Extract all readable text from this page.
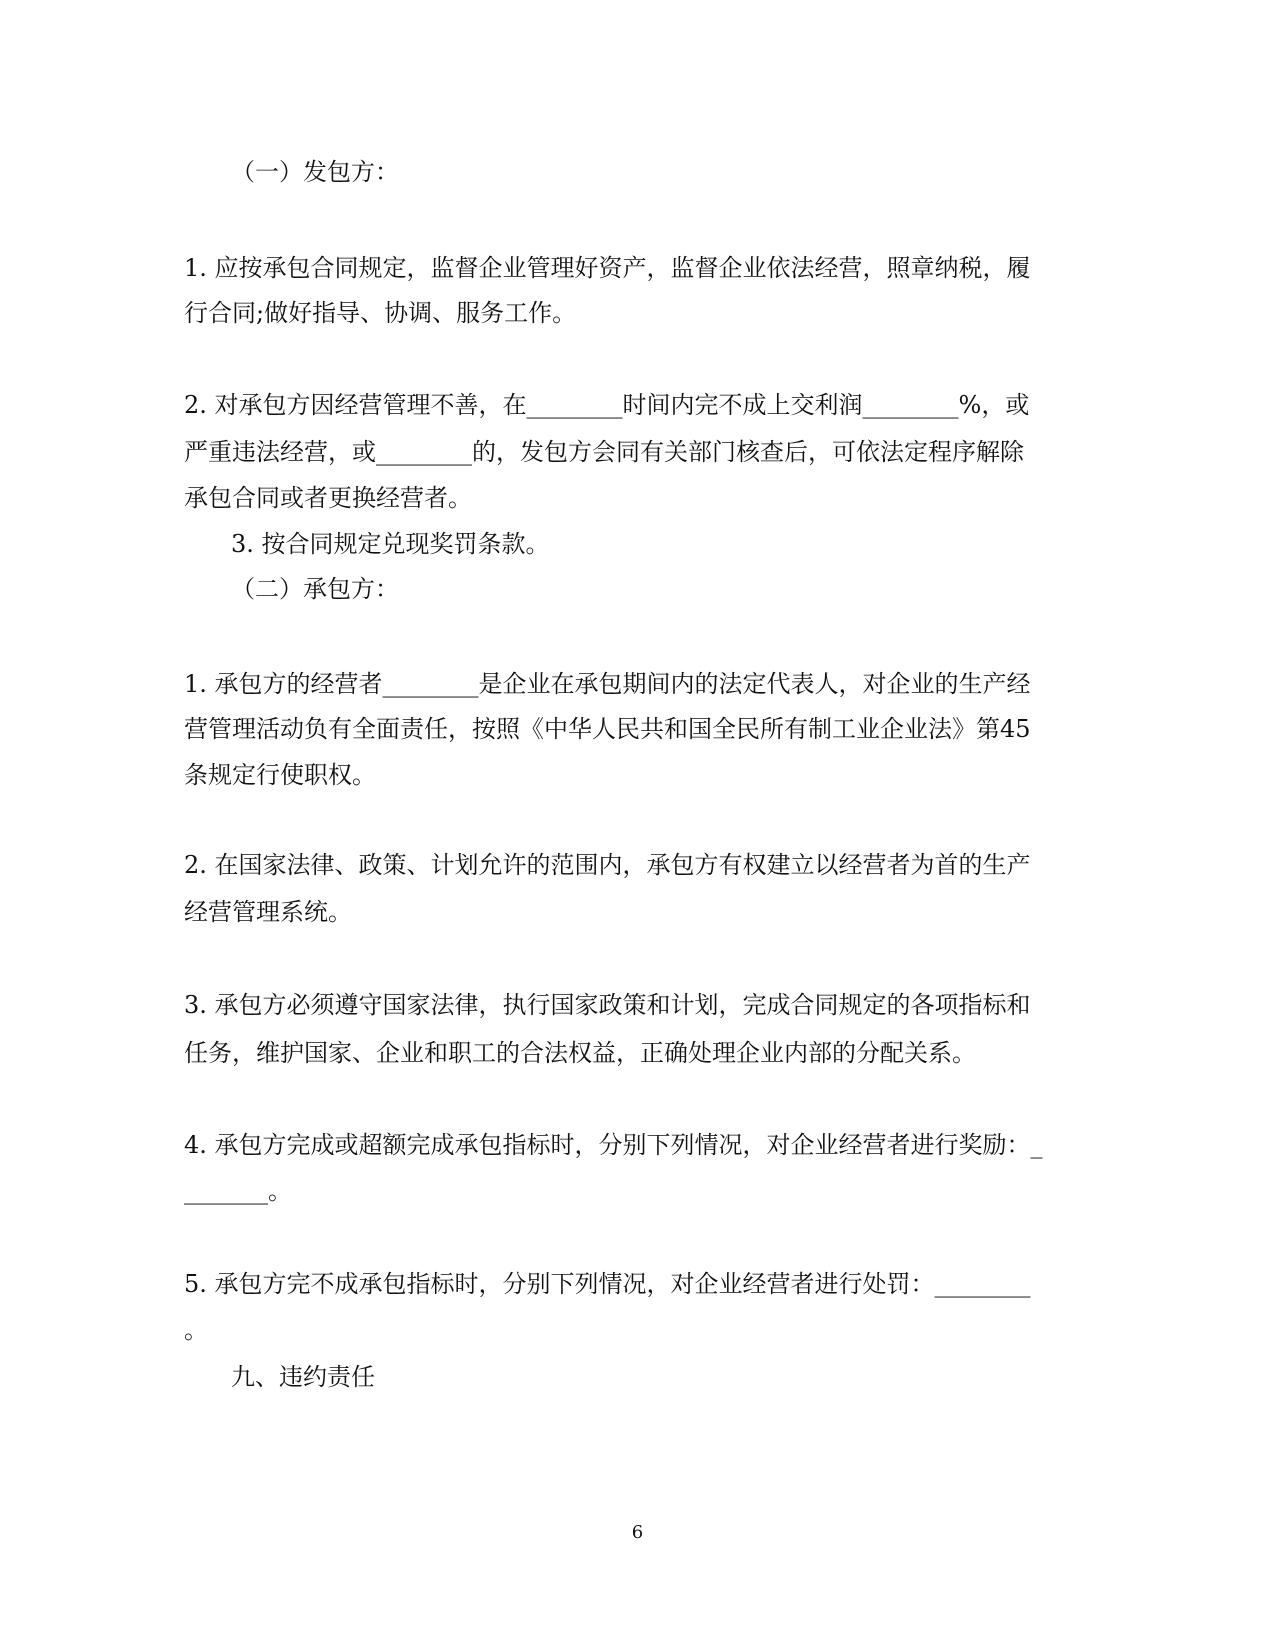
（一）发包方：
1. 应按承包合同规定，监督企业管理好资产，监督企业依法经营，照章纳税，履
行合同;做好指导、协调、服务工作。
2. 对承包方因经营管理不善，在________时间内完不成上交利润________%，或
严重违法经营，或________的，发包方会同有关部门核查后，可依法定程序解除
承包合同或者更换经营者。
3. 按合同规定兑现奖罚条款。
（二）承包方：
1. 承包方的经营者________是企业在承包期间内的法定代表人，对企业的生产经
营管理活动负有全面责任，按照《中华人民共和国全民所有制工业企业法》第45
条规定行使职权。
2. 在国家法律、政策、计划允许的范围内，承包方有权建立以经营者为首的生产
经营管理系统。
3. 承包方必须遵守国家法律，执行国家政策和计划，完成合同规定的各项指标和
任务，维护国家、企业和职工的合法权益，正确处理企业内部的分配关系。
4. 承包方完成或超额完成承包指标时，分别下列情况，对企业经营者进行奖励：_
_______。
5. 承包方完不成承包指标时，分别下列情况，对企业经营者进行处罚：________
。
九、违约责任
6
